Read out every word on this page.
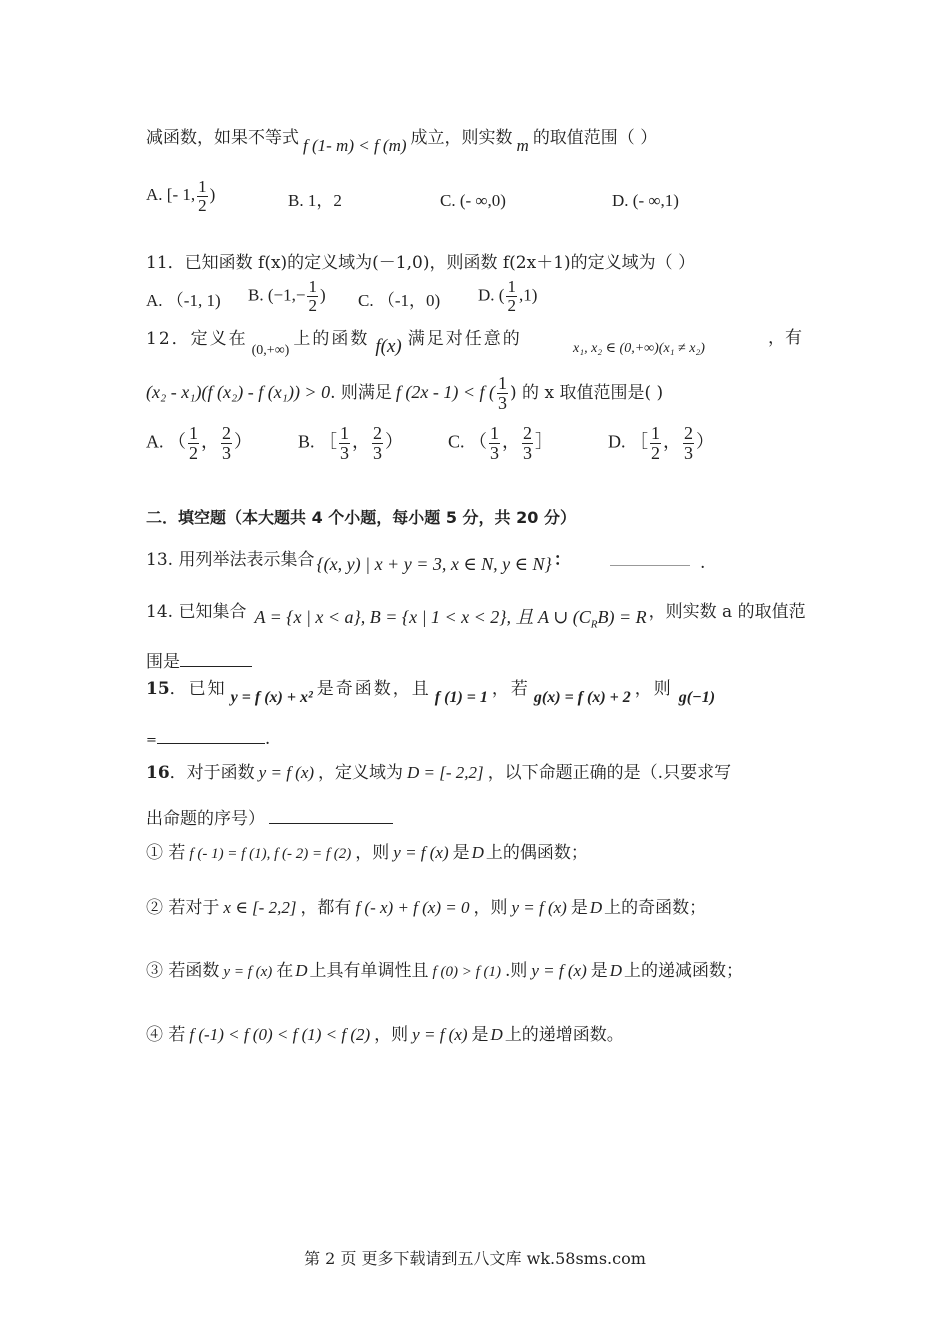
减函数，如果不等式 f (1- m) < f (m) 成立，则实数 m 的取值范围（ ）
A. [- 1, $\frac{1}{2}$ )	B. 1，2	C. (- ∞,0)	D. (- ∞,1)
11．已知函数 f(x)的定义域为(－1,0)，则函数 f(2x＋1)的定义域为（ ）
A. （-1, 1) B. ($-1,- \frac{1}{2}$ ) C. （-1，0) D. ( $\frac{1}{2} ,1$)
12．定义在$_{(0,+\infty)}$上的函数 f(x) 满足对任意的	x₁, x₂ ∈ (0,+∞)(x₁ ≠ x₂)
，有
(x₂ - x₁)(f (x₂) - f (x₁)) > 0. 则满足 f (2x - 1) < f ( $\frac{1}{3}$ ) 的 x 取值范围是( )
A. （ $\frac{1}{2}$ ， $\frac{2}{3}$ ）	B. ［ $\frac{1}{3}$ ， $\frac{2}{3}$ ） C. （ $\frac{1}{3}$ ， $\frac{2}{3}$ ］	D. ［ $\frac{1}{2}$ ， $\frac{2}{3}$ ）
二．填空题（本大题共 4 个小题，每小题 5 分，共 20 分）
13. 用列举法表示集合 {(x, y) | x + y = 3, x ∈ N, y ∈ N} ：	.
14. 已知集合 A = {x | x < a}, B = {x | 1 < x < 2}, 且 A ∪ $(C_RB) = R$ ，则实数 a 的取值范
围是
15．已知 y = f (x) + x² 是奇函数，且 f (1) = 1 ，若 g(x) = f (x) + 2 ，则 g(−1)
=	.
16．对于函数 y = f (x) ，定义域为 D = [- 2,2] ，以下命题正确的是（.只要求写
出命题的序号）
① 若 f (- 1) = f (1), f (- 2) = f (2) ，则 y = f (x) 是 D 上的偶函数；
② 若对于 x ∈ [- 2,2] ，都有 f (- x) + f (x) = 0 ，则 y = f (x) 是 D 上的奇函数；
③ 若函数 y = f (x) 在 D 上具有单调性且 f (0) > f (1) .则 y = f (x) 是 D 上的递减函数；
④ 若 f (-1) < f (0) < f (1) < f (2) ，则 y = f (x) 是 D 上的递增函数。
第 2 页 更多下载请到五八文库 wk.58sms.com
